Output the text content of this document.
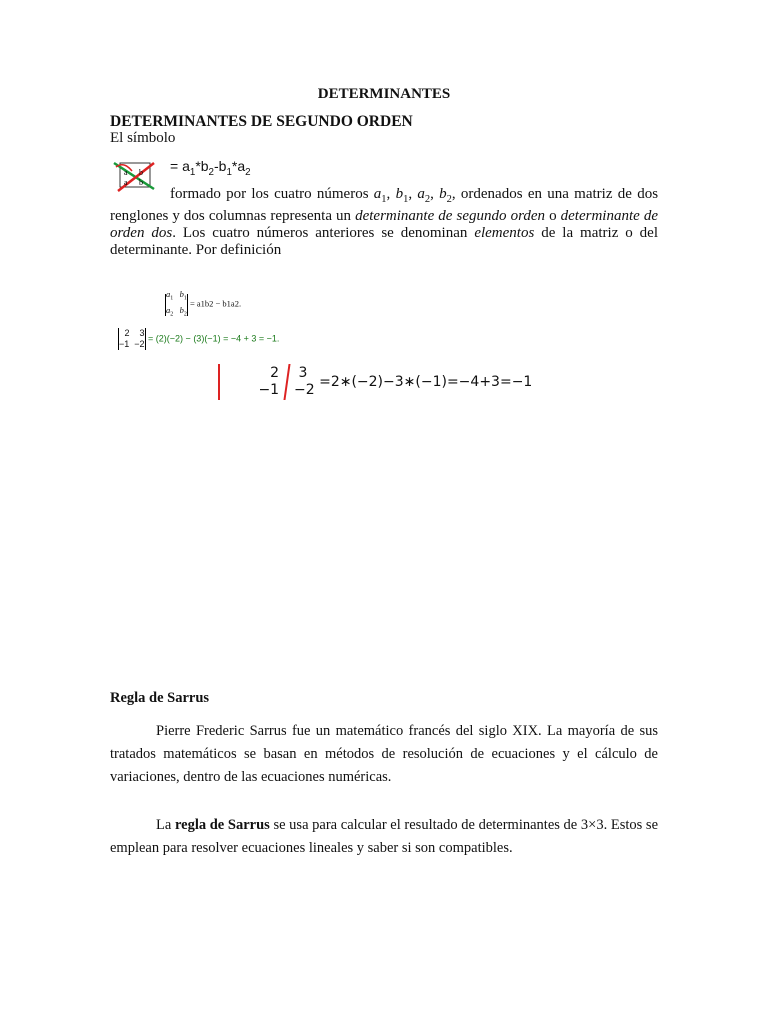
DETERMINANTES
DETERMINANTES DE SEGUNDO ORDEN
El símbolo
a b
a b
= $a_1*b_2-b_1*a_2$
formado por los cuatro números $a_1$, $b_1$, $a_2$, $b_2$, ordenados en una matriz de dos renglones y dos columnas representa un determinante de segundo orden o determinante de orden dos. Los cuatro números anteriores se denominan elementos de la matriz o del determinante. Por definición
$a_1$ $b_1$
$a_2$ $b_2 = a1b2 - b1a2$.
2    3
−1  −2 = (2)(−2) − (3)(−1) = −4 + 3 = −1.
2
−1   3
−2 =2∗(−2)−3∗(−1)=−4+3=−1
Regla de Sarrus
Pierre Frederic Sarrus fue un matemático francés del siglo XIX. La mayoría de sus tratados matemáticos se basan en métodos de resolución de ecuaciones y el cálculo de variaciones, dentro de las ecuaciones numéricas.
La regla de Sarrus se usa para calcular el resultado de determinantes de 3×3. Estos se emplean para resolver ecuaciones lineales y saber si son compatibles.
